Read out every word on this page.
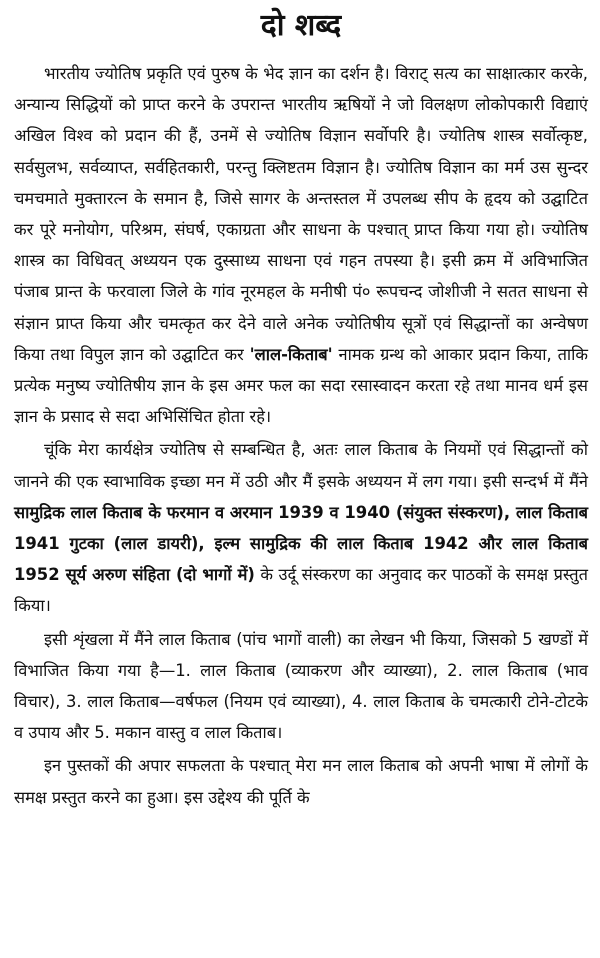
दो शब्द

भारतीय ज्योतिष प्रकृति एवं पुरुष के भेद ज्ञान का दर्शन है। विराट् सत्य का साक्षात्कार करके, अन्यान्य सिद्धियों को प्राप्त करने के उपरान्त भारतीय ऋषियों ने जो विलक्षण लोकोपकारी विद्याएं अखिल विश्व को प्रदान की हैं, उनमें से ज्योतिष विज्ञान सर्वोपरि है। ज्योतिष शास्त्र सर्वोत्कृष्ट, सर्वसुलभ, सर्वव्याप्त, सर्वहितकारी, परन्तु क्लिष्टतम विज्ञान है। ज्योतिष विज्ञान का मर्म उस सुन्दर चमचमाते मुक्तारत्न के समान है, जिसे सागर के अन्तस्तल में उपलब्ध सीप के हृदय को उद्घाटित कर पूरे मनोयोग, परिश्रम, संघर्ष, एकाग्रता और साधना के पश्चात् प्राप्त किया गया हो। ज्योतिष शास्त्र का विधिवत् अध्ययन एक दुस्साध्य साधना एवं गहन तपस्या है। इसी क्रम में अविभाजित पंजाब प्रान्त के फरवाला जिले के गांव नूरमहल के मनीषी पं० रूपचन्द जोशीजी ने सतत साधना से संज्ञान प्राप्त किया और चमत्कृत कर देने वाले अनेक ज्योतिषीय सूत्रों एवं सिद्धान्तों का अन्वेषण किया तथा विपुल ज्ञान को उद्घाटित कर 'लाल-किताब' नामक ग्रन्थ को आकार प्रदान किया, ताकि प्रत्येक मनुष्य ज्योतिषीय ज्ञान के इस अमर फल का सदा रसास्वादन करता रहे तथा मानव धर्म इस ज्ञान के प्रसाद से सदा अभिसिंचित होता रहे।

चूंकि मेरा कार्यक्षेत्र ज्योतिष से सम्बन्धित है, अतः लाल किताब के नियमों एवं सिद्धान्तों को जानने की एक स्वाभाविक इच्छा मन में उठी और मैं इसके अध्ययन में लग गया। इसी सन्दर्भ में मैंने सामुद्रिक लाल किताब के फरमान व अरमान 1939 व 1940 (संयुक्त संस्करण), लाल किताब 1941 गुटका (लाल डायरी), इल्म सामुद्रिक की लाल किताब 1942 और लाल किताब 1952 सूर्य अरुण संहिता (दो भागों में) के उर्दू संस्करण का अनुवाद कर पाठकों के समक्ष प्रस्तुत किया।

इसी शृंखला में मैंने लाल किताब (पांच भागों वाली) का लेखन भी किया, जिसको 5 खण्डों में विभाजित किया गया है—1. लाल किताब (व्याकरण और व्याख्या), 2. लाल किताब (भाव विचार), 3. लाल किताब—वर्षफल (नियम एवं व्याख्या), 4. लाल किताब के चमत्कारी टोने-टोटके व उपाय और 5. मकान वास्तु व लाल किताब।

इन पुस्तकों की अपार सफलता के पश्चात् मेरा मन लाल किताब को अपनी भाषा में लोगों के समक्ष प्रस्तुत करने का हुआ। इस उद्देश्य की पूर्ति के
